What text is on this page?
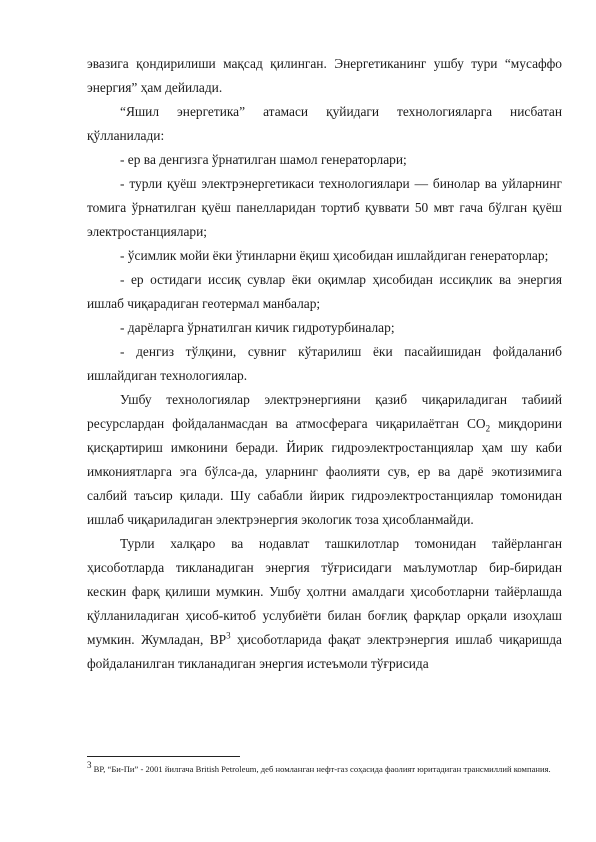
эвазига қондирилиши мақсад қилинган. Энергетиканинг ушбу тури “мусаффо энергия” ҳам дейилади.

“Яшил энергетика” атамаси қуйидаги технологияларга нисбатан қўлланилади:

- ер ва денгизга ўрнатилган шамол генераторлари;

- турли қуёш электрэнергетикаси технологиялари — бинолар ва уйларнинг томига ўрнатилган қуёш панелларидан тортиб қуввати 50 мвт гача бўлган қуёш электростанциялари;

- ўсимлик мойи ёки ўтинларни ёқиш ҳисобидан ишлайдиган генераторлар;

- ер остидаги иссиқ сувлар ёки оқимлар ҳисобидан иссиқлик ва энергия ишлаб чиқарадиган геотермал манбалар;

- дарёларга ўрнатилган кичик гидротурбиналар;

- денгиз тўлқини, сувниг кўтарилиш ёки пасайишидан фойдаланиб ишлайдиган технологиялар.

Ушбу технологиялар электрэнергияни қазиб чиқариладиган табиий ресурслардан фойдаланмасдан ва атмосферага чиқарилаётган $CO_2$ миқдорини қисқартириш имконини беради. Йирик гидроэлектростанциялар ҳам шу каби имкониятларга эга бўлса-да, уларнинг фаолияти сув, ер ва дарё экотизимига салбий таъсир қилади. Шу сабабли йирик гидроэлектростанциялар томонидан ишлаб чиқариладиган электрэнергия экологик тоза ҳисобланмайди.

Турли халқаро ва нодавлат ташкилотлар томонидан тайёрланган ҳисоботларда тикланадиган энергия тўғрисидаги маълумотлар бир-биридан кескин фарқ қилиши мумкин. Ушбу ҳолтни амалдаги ҳисоботларни тайёрлашда қўлланиладиган ҳисоб-китоб услубиёти билан боғлиқ фарқлар орқали изоҳлаш мумкин. Жумладан, $BP^3$ ҳисоботларида фақат электрэнергия ишлаб чиқаришда фойдаланилган тикланадиган энергия истеъмоли тўғрисида

$^3$ BP, “Би-Пи” - 2001 йилгача British Petroleum, деб номланган нефт-газ соҳасида фаолият юритадиган трансмиллий компания.
